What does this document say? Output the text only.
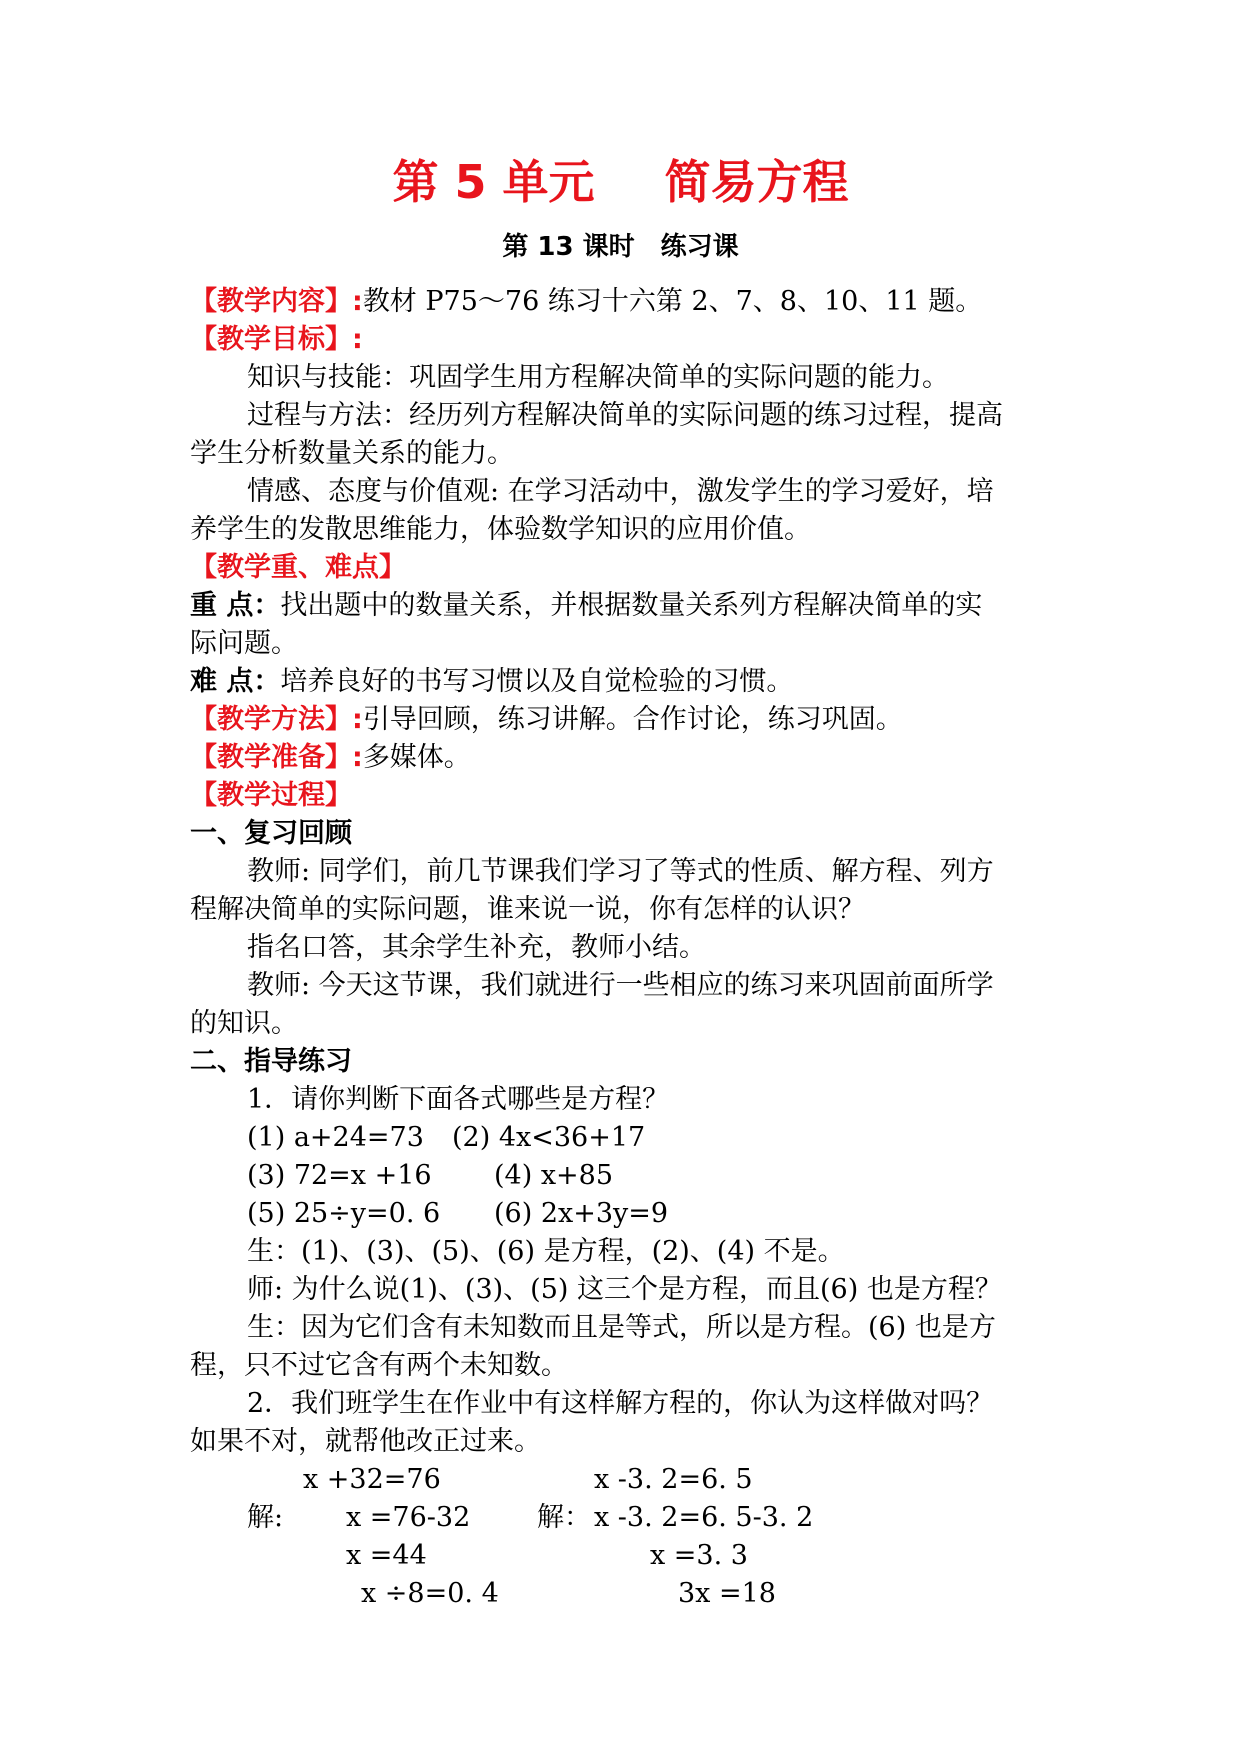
第 5 单元 简易方程
第 13 课时 练习课

【教学内容】:教材 P75～76 练习十六第 2、7、8、10、11 题。

【教学目标】:

知识与技能：巩固学生用方程解决简单的实际问题的能力。

过程与方法：经历列方程解决简单的实际问题的练习过程，提高

学生分析数量关系的能力。

情感、态度与价值观: 在学习活动中，激发学生的学习爱好，培

养学生的发散思维能力，体验数学知识的应用价值。

【教学重、难点】

重 点：找出题中的数量关系，并根据数量关系列方程解决简单的实

际问题。

难 点：培养良好的书写习惯以及自觉检验的习惯。

【教学方法】:引导回顾，练习讲解。合作讨论，练习巩固。

【教学准备】:多媒体。

【教学过程】

一、复习回顾

教师: 同学们，前几节课我们学习了等式的性质、解方程、列方

程解决简单的实际问题，谁来说一说，你有怎样的认识？

指名口答，其余学生补充，教师小结。

教师: 今天这节课，我们就进行一些相应的练习来巩固前面所学

的知识。

二、指导练习

1．请你判断下面各式哪些是方程？

(1) a+24=73 (2) 4x<36+17
(3) 72=x +16 (4) x+85
(5) 25÷y=0. 6 (6) 2x+3y=9

生：(1)、(3)、(5)、(6) 是方程，(2)、(4) 不是。

师: 为什么说(1)、(3)、(5) 这三个是方程，而且(6) 也是方程？

生：因为它们含有未知数而且是等式，所以是方程。(6) 也是方

程，只不过它含有两个未知数。

2．我们班学生在作业中有这样解方程的，你认为这样做对吗？

如果不对，就帮他改正过来。

x +32=76	x -3. 2=6. 5
解: x =76-32 解： x -3. 2=6. 5-3. 2
x =44	x =3. 3
x ÷8=0. 4	3x =18
